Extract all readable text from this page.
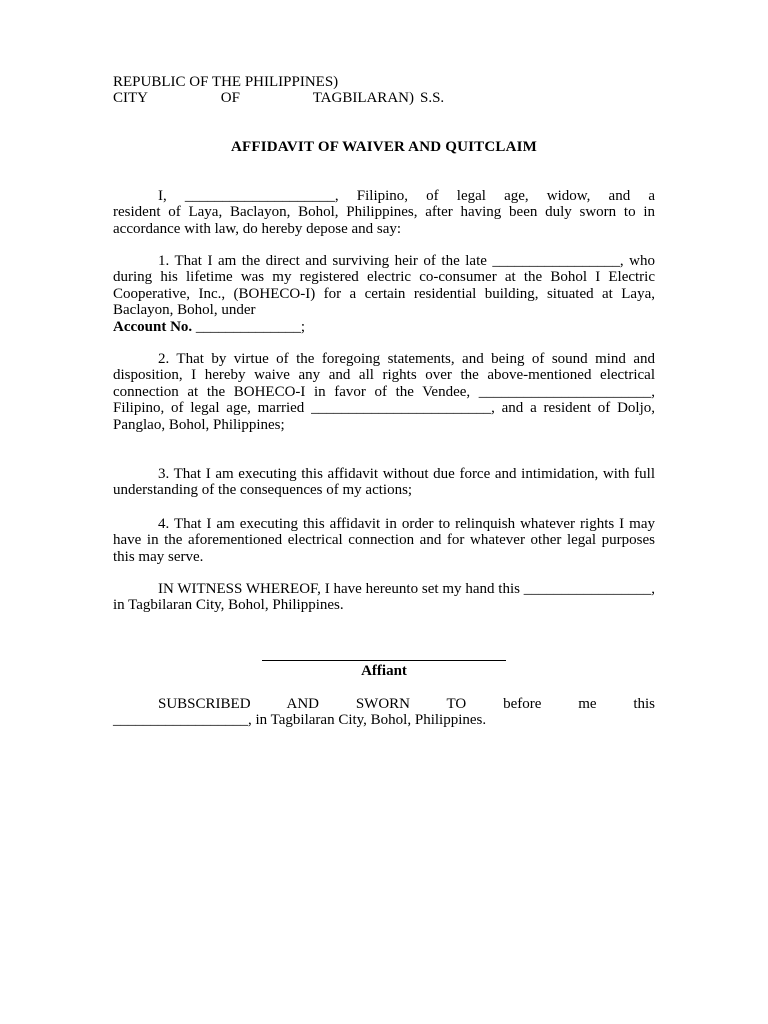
REPUBLIC OF THE PHILIPPINES)
CITY	OF	TAGBILARAN) S.S.
AFFIDAVIT OF WAIVER AND QUITCLAIM

I, ____________________, Filipino, of legal age, widow, and a

resident of Laya, Baclayon, Bohol, Philippines, after having been duly sworn to in accordance with law, do hereby depose and say:

1. That I am the direct and surviving heir of the late _________________, who during his lifetime was my registered electric co-consumer at the Bohol I Electric Cooperative, Inc., (BOHECO-I) for a certain residential building, situated at Laya, Baclayon, Bohol, under

Account No. ______________;

2. That by virtue of the foregoing statements, and being of sound mind and disposition, I hereby waive any and all rights over the above-mentioned electrical connection at the BOHECO-I in favor of the Vendee, _______________________, Filipino, of legal age, married ________________________, and a resident of Doljo, Panglao, Bohol, Philippines;

3. That I am executing this affidavit without due force and intimidation, with full understanding of the consequences of my actions;

4. That I am executing this affidavit in order to relinquish whatever rights I may have in the aforementioned electrical connection and for whatever other legal purposes this may serve.

IN WITNESS WHEREOF, I have hereunto set my hand this _________________, in Tagbilaran City, Bohol, Philippines.

Affiant

SUBSCRIBED AND SWORN TO before me this

__________________, in Tagbilaran City, Bohol, Philippines.
